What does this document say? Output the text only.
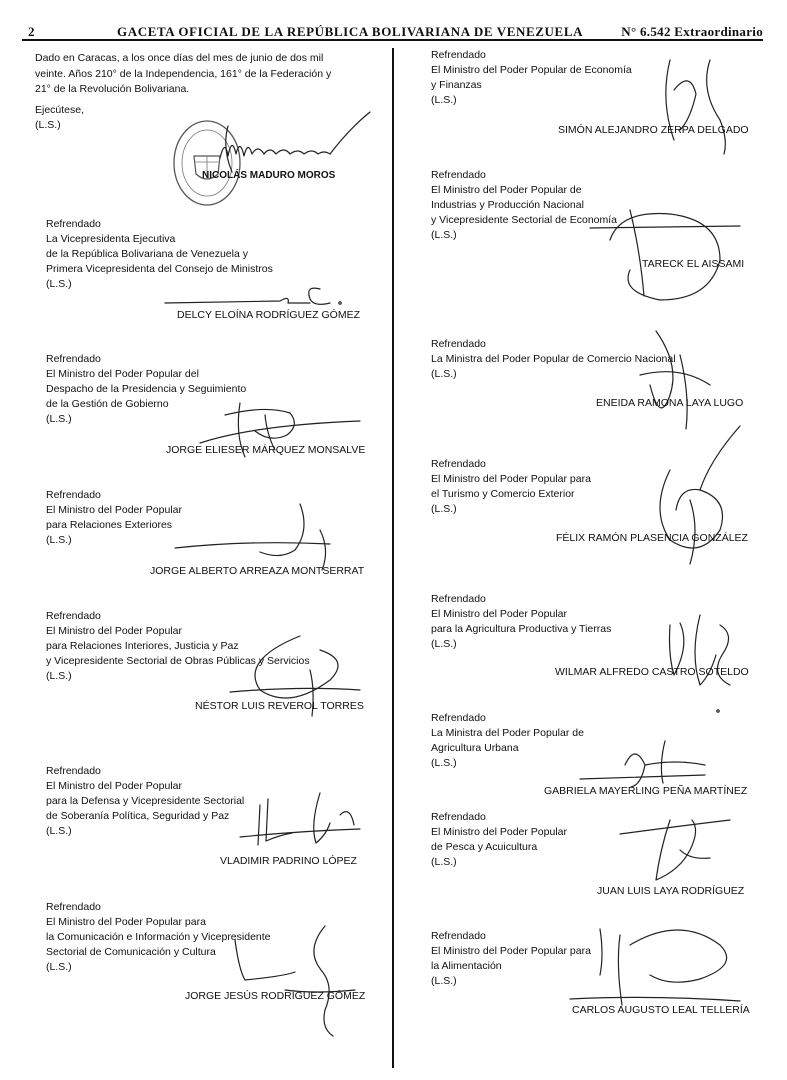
2	GACETA OFICIAL DE LA REPÚBLICA BOLIVARIANA DE VENEZUELA	N° 6.542 Extraordinario
Dado en Caracas, a los once días del mes de junio de dos mil
veinte. Años 210° de la Independencia, 161° de la Federación y
21° de la Revolución Bolivariana.
Ejecútese,
(L.S.)
NICOLÁS MADURO MOROS
Refrendado
La Vicepresidenta Ejecutiva
de la República Bolivariana de Venezuela y
Primera Vicepresidenta del Consejo de Ministros
(L.S.)
DELCY ELOÍNA RODRÍGUEZ GÓMEZ
Refrendado
El Ministro del Poder Popular del
Despacho de la Presidencia y Seguimiento
de la Gestión de Gobierno
(L.S.)
JORGE ELIESER MÁRQUEZ MONSALVE
Refrendado
El Ministro del Poder Popular
para Relaciones Exteriores
(L.S.)
JORGE ALBERTO ARREAZA MONTSERRAT
Refrendado
El Ministro del Poder Popular
para Relaciones Interiores, Justicia y Paz
y Vicepresidente Sectorial de Obras Públicas y Servicios
(L.S.)
NÉSTOR LUIS REVEROL TORRES
Refrendado
El Ministro del Poder Popular
para la Defensa y Vicepresidente Sectorial
de Soberanía Política, Seguridad y Paz
(L.S.)
VLADIMIR PADRINO LÓPEZ
Refrendado
El Ministro del Poder Popular para
la Comunicación e Información y Vicepresidente
Sectorial de Comunicación y Cultura
(L.S.)
JORGE JESÚS RODRÍGUEZ GÓMEZ
Refrendado
El Ministro del Poder Popular de Economía
y Finanzas
(L.S.)
SIMÓN ALEJANDRO ZERPA DELGADO
Refrendado
El Ministro del Poder Popular de
Industrias y Producción Nacional
y Vicepresidente Sectorial de Economía
(L.S.)
TARECK EL AISSAMI
Refrendado
La Ministra del Poder Popular de Comercio Nacional
(L.S.)
ENEIDA RAMONA LAYA LUGO
Refrendado
El Ministro del Poder Popular para
el Turismo y Comercio Exterior
(L.S.)
FÉLIX RAMÓN PLASENCIA GONZÁLEZ
Refrendado
El Ministro del Poder Popular
para la Agricultura Productiva y Tierras
(L.S.)
WILMAR ALFREDO CASTRO SOTELDO
Refrendado
La Ministra del Poder Popular de
Agricultura Urbana
(L.S.)
GABRIELA MAYERLING PEÑA MARTÍNEZ
Refrendado
El Ministro del Poder Popular
de Pesca y Acuicultura
(L.S.)
JUAN LUIS LAYA RODRÍGUEZ
Refrendado
El Ministro del Poder Popular para
la Alimentación
(L.S.)
CARLOS AUGUSTO LEAL TELLERÍA
